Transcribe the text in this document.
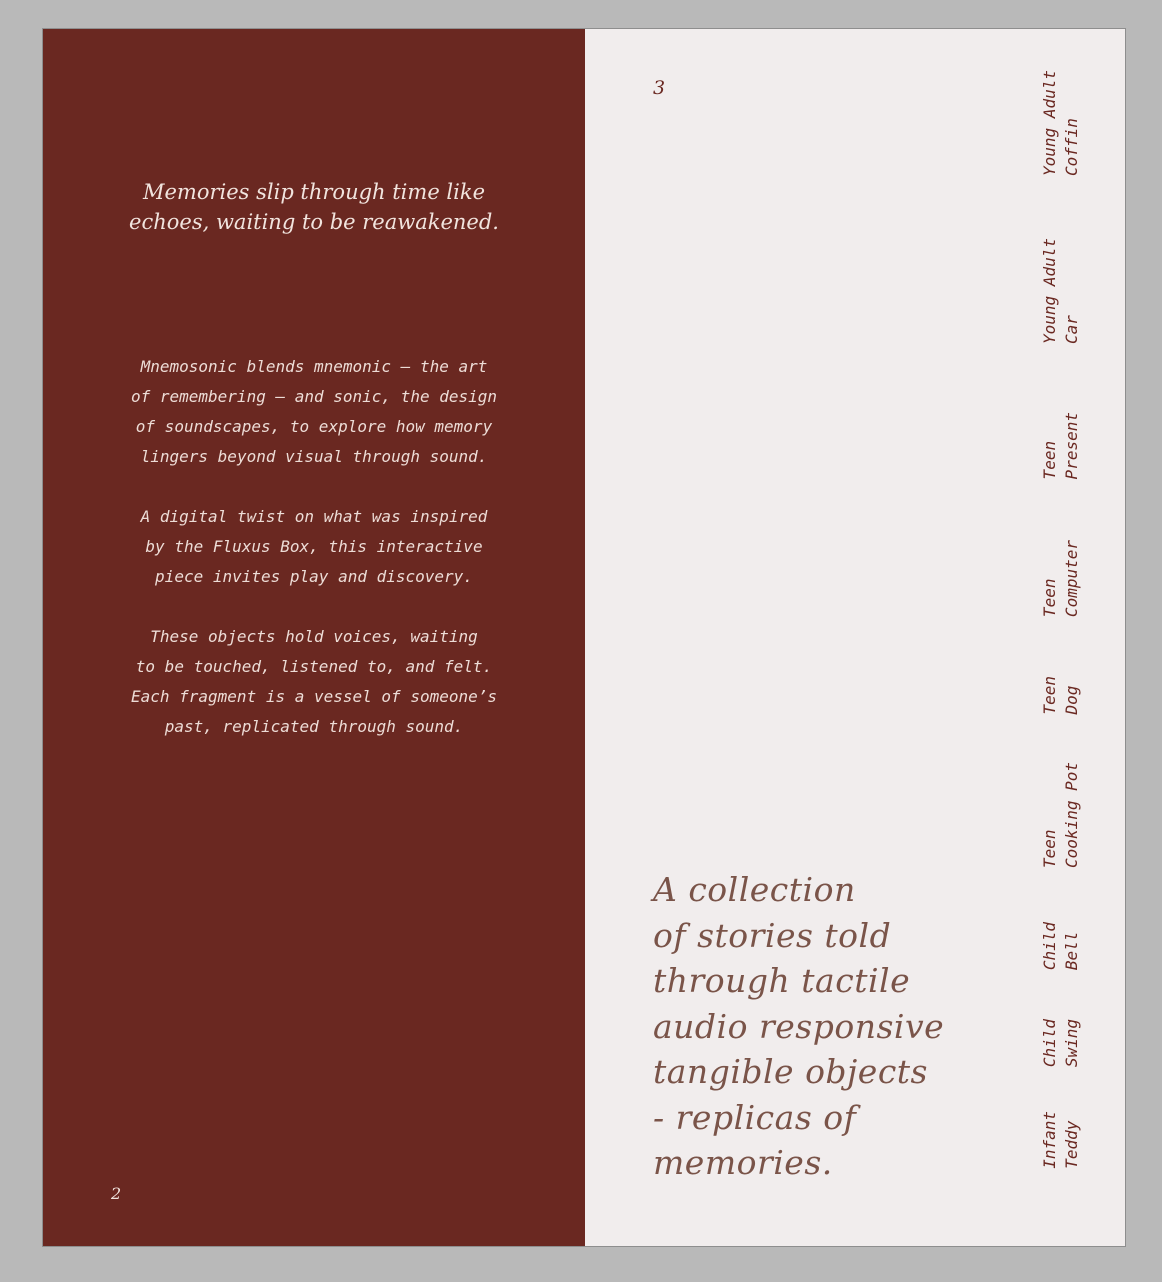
Memories slip through time like
echoes, waiting to be reawakened.
Mnemosonic blends mnemonic — the art
of remembering — and sonic, the design
of soundscapes, to explore how memory
lingers beyond visual through sound.
A digital twist on what was inspired
by the Fluxus Box, this interactive
piece invites play and discovery.
These objects hold voices, waiting
to be touched, listened to, and felt.
Each fragment is a vessel of someone’s
past, replicated through sound.
2
3
A collection
of stories told
through tactile
audio responsive
tangible objects
- replicas of
memories.
Young Adult Coffin
Young Adult Car
Teen Present
Teen Computer
Teen Dog
Teen Cooking Pot
Child Bell
Child Swing
Infant Teddy
